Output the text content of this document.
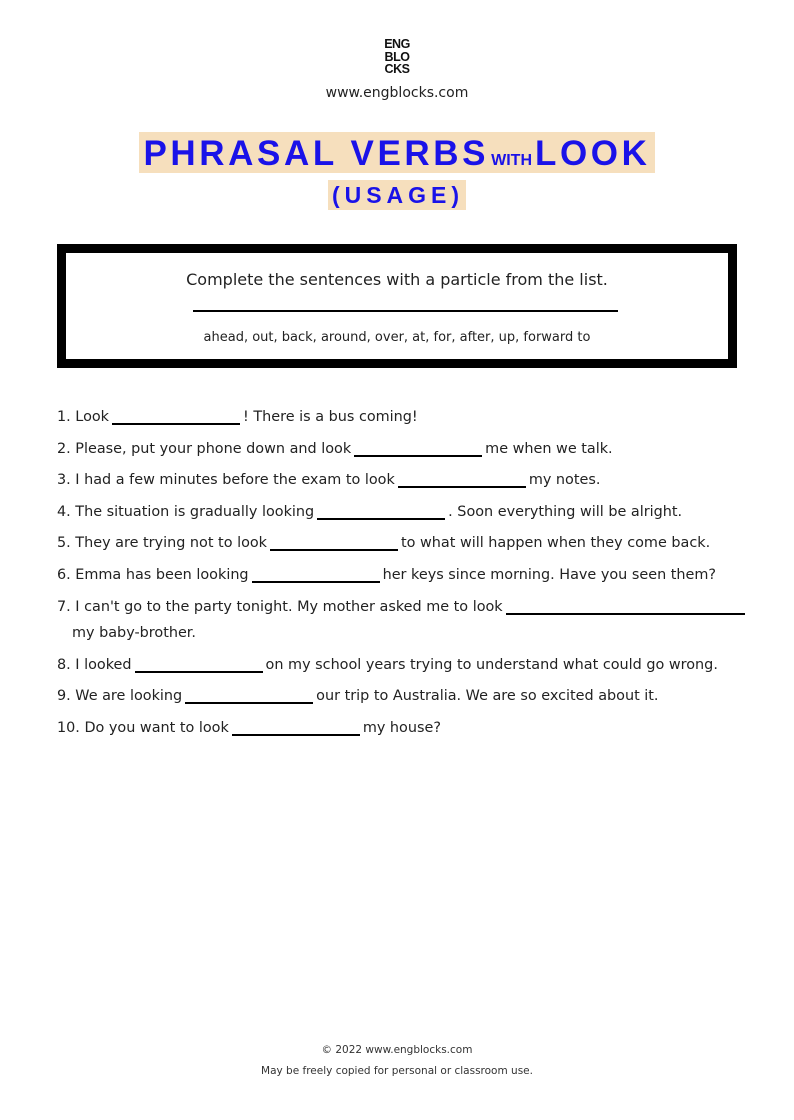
ENG
BLO
CKS
www.engblocks.com
PHRASAL VERBS WITHLOOK
(USAGE)
Complete the sentences with a particle from the list.
ahead, out, back, around, over, at, for, after, up, forward to
1. Look	! There is a bus coming!
2. Please, put your phone down and look	me when we talk.
3. I had a few minutes before the exam to look	my notes.
4. The situation is gradually looking	. Soon everything will be alright.
5. They are trying not to look	to what will happen when they come back.
6. Emma has been looking	her keys since morning. Have you seen them?
7. I can't go to the party tonight. My mother asked me to look
my baby-brother.
8. I looked	on my school years trying to understand what could go wrong.
9. We are looking	our trip to Australia. We are so excited about it.
10. Do you want to look	my house?
© 2022 www.engblocks.com
May be freely copied for personal or classroom use.
